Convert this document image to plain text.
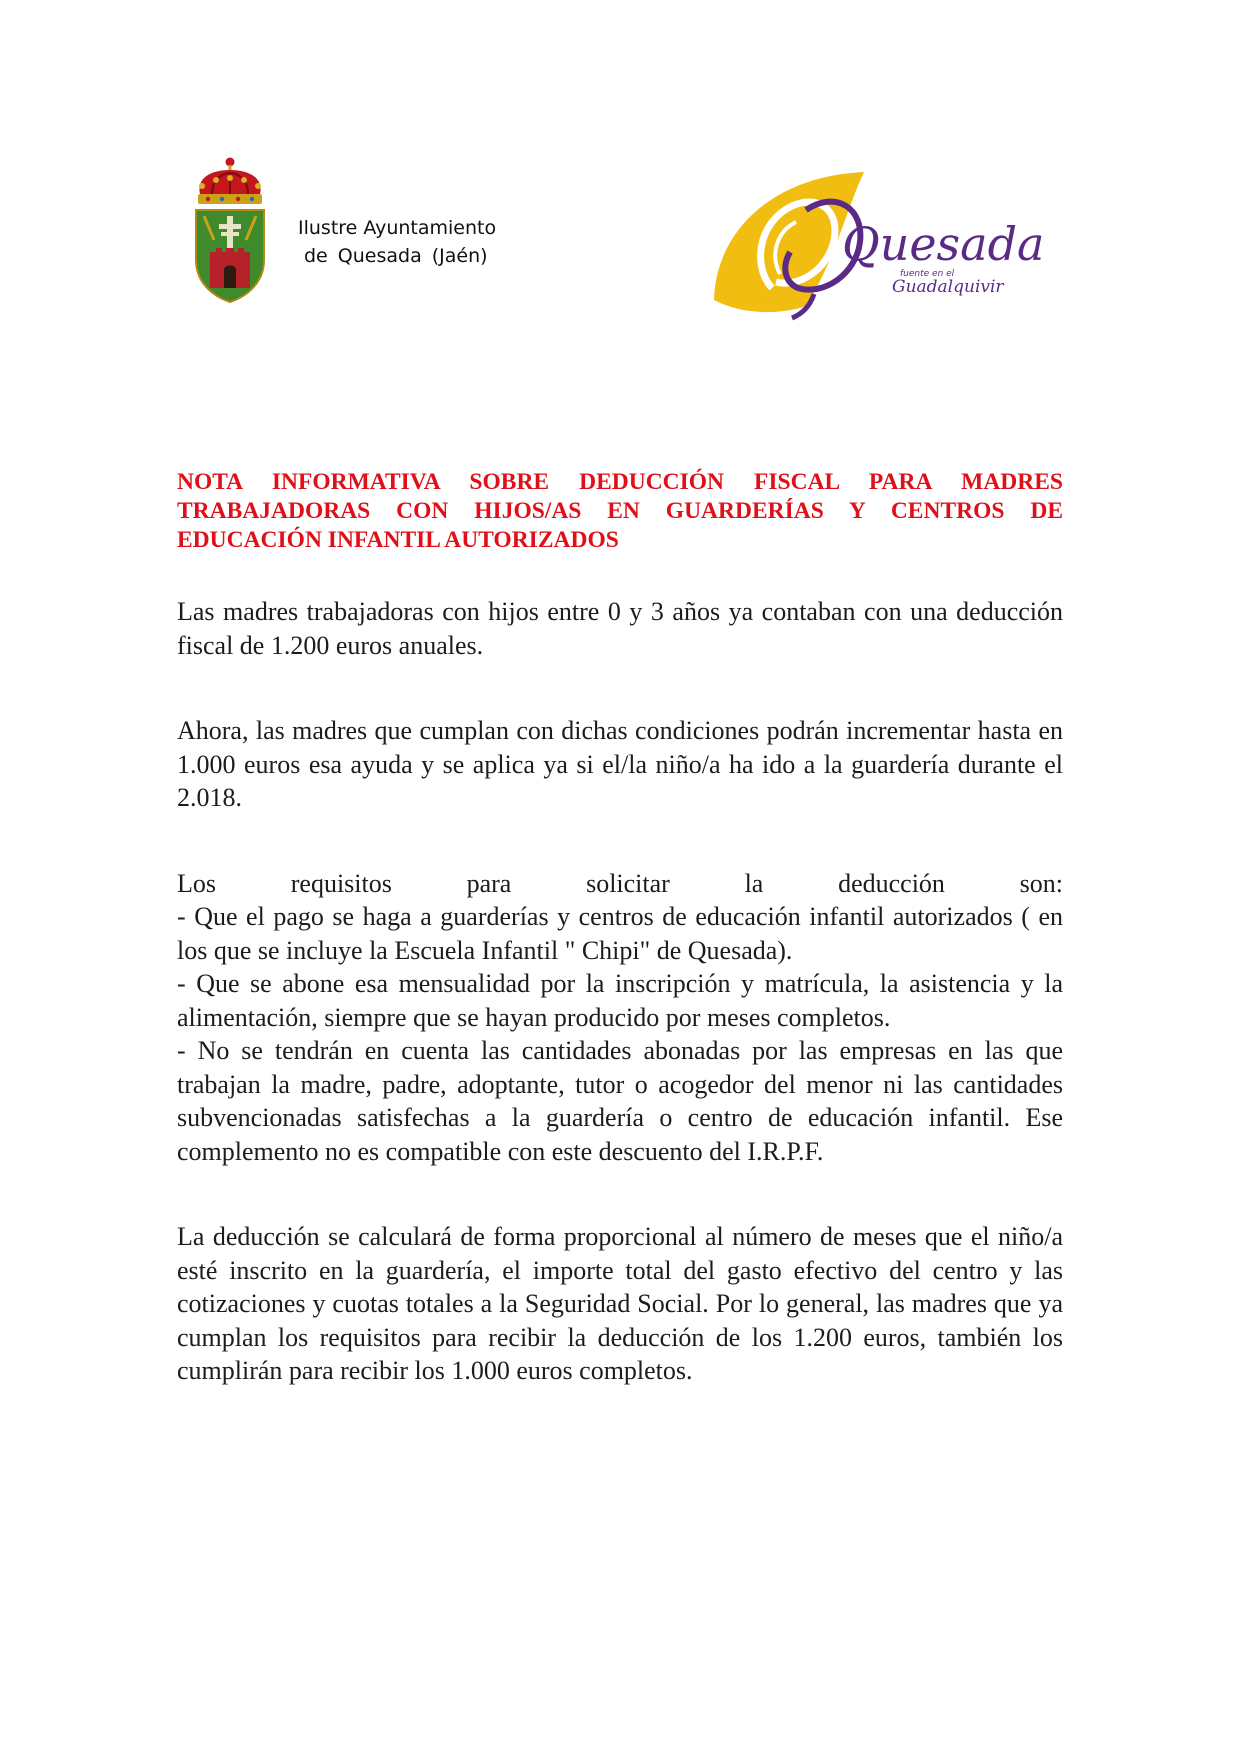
Ilustre Ayuntamiento
de Quesada (Jaén)	Quesada
fuente en el
Guadalquivir

NOTA INFORMATIVA SOBRE DEDUCCIÓN FISCAL PARA MADRES TRABAJADORAS CON HIJOS/AS EN GUARDERÍAS Y CENTROS DE EDUCACIÓN INFANTIL AUTORIZADOS

Las madres trabajadoras con hijos entre 0 y 3 años ya contaban con una deducción fiscal de 1.200 euros anuales.

Ahora, las madres que cumplan con dichas condiciones podrán incrementar hasta en 1.000 euros esa ayuda y se aplica ya si el/la niño/a ha ido a la guardería durante el 2.018.

Los requisitos para solicitar la deducción son:
- Que el pago se haga a guarderías y centros de educación infantil autorizados ( en los que se incluye la Escuela Infantil " Chipi" de Quesada).
- Que se abone esa mensualidad por la inscripción y matrícula, la asistencia y la alimentación, siempre que se hayan producido por meses completos.
- No se tendrán en cuenta las cantidades abonadas por las empresas en las que trabajan la madre, padre, adoptante, tutor o acogedor del menor ni las cantidades subvencionadas satisfechas a la guardería o centro de educación infantil. Ese complemento no es compatible con este descuento del I.R.P.F.

La deducción se calculará de forma proporcional al número de meses que el niño/a esté inscrito en la guardería, el importe total del gasto efectivo del centro y las cotizaciones y cuotas totales a la Seguridad Social. Por lo general, las madres que ya cumplan los requisitos para recibir la deducción de los 1.200 euros, también los cumplirán para recibir los 1.000 euros completos.
